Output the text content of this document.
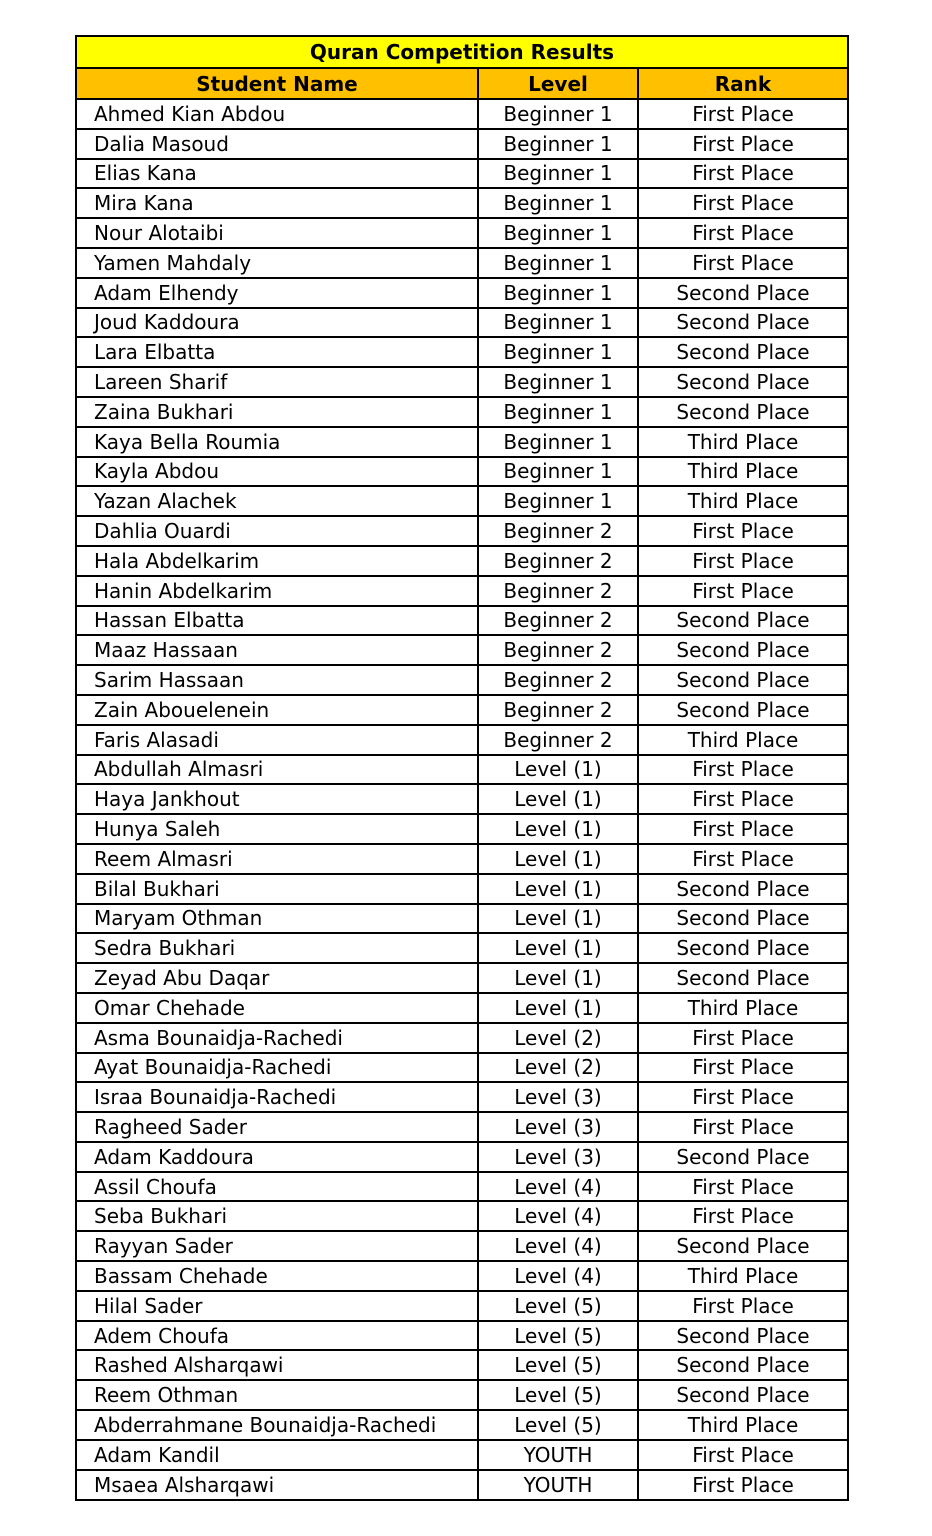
Quran Competition Results
Student Name	Level	Rank
Ahmed Kian Abdou	Beginner 1	First Place
Dalia Masoud	Beginner 1	First Place
Elias Kana	Beginner 1	First Place
Mira Kana	Beginner 1	First Place
Nour Alotaibi	Beginner 1	First Place
Yamen Mahdaly	Beginner 1	First Place
Adam Elhendy	Beginner 1	Second Place
Joud Kaddoura	Beginner 1	Second Place
Lara Elbatta	Beginner 1	Second Place
Lareen Sharif	Beginner 1	Second Place
Zaina Bukhari	Beginner 1	Second Place
Kaya Bella Roumia	Beginner 1	Third Place
Kayla Abdou	Beginner 1	Third Place
Yazan Alachek	Beginner 1	Third Place
Dahlia Ouardi	Beginner 2	First Place
Hala Abdelkarim	Beginner 2	First Place
Hanin Abdelkarim	Beginner 2	First Place
Hassan Elbatta	Beginner 2	Second Place
Maaz Hassaan	Beginner 2	Second Place
Sarim Hassaan	Beginner 2	Second Place
Zain Abouelenein	Beginner 2	Second Place
Faris Alasadi	Beginner 2	Third Place
Abdullah Almasri	Level (1)	First Place
Haya Jankhout	Level (1)	First Place
Hunya Saleh	Level (1)	First Place
Reem Almasri	Level (1)	First Place
Bilal Bukhari	Level (1)	Second Place
Maryam Othman	Level (1)	Second Place
Sedra Bukhari	Level (1)	Second Place
Zeyad Abu Daqar	Level (1)	Second Place
Omar Chehade	Level (1)	Third Place
Asma Bounaidja-Rachedi	Level (2)	First Place
Ayat Bounaidja-Rachedi	Level (2)	First Place
Israa Bounaidja-Rachedi	Level (3)	First Place
Ragheed Sader	Level (3)	First Place
Adam Kaddoura	Level (3)	Second Place
Assil Choufa	Level (4)	First Place
Seba Bukhari	Level (4)	First Place
Rayyan Sader	Level (4)	Second Place
Bassam Chehade	Level (4)	Third Place
Hilal Sader	Level (5)	First Place
Adem Choufa	Level (5)	Second Place
Rashed Alsharqawi	Level (5)	Second Place
Reem Othman	Level (5)	Second Place
Abderrahmane Bounaidja-Rachedi	Level (5)	Third Place
Adam Kandil	YOUTH	First Place
Msaea Alsharqawi	YOUTH	First Place
